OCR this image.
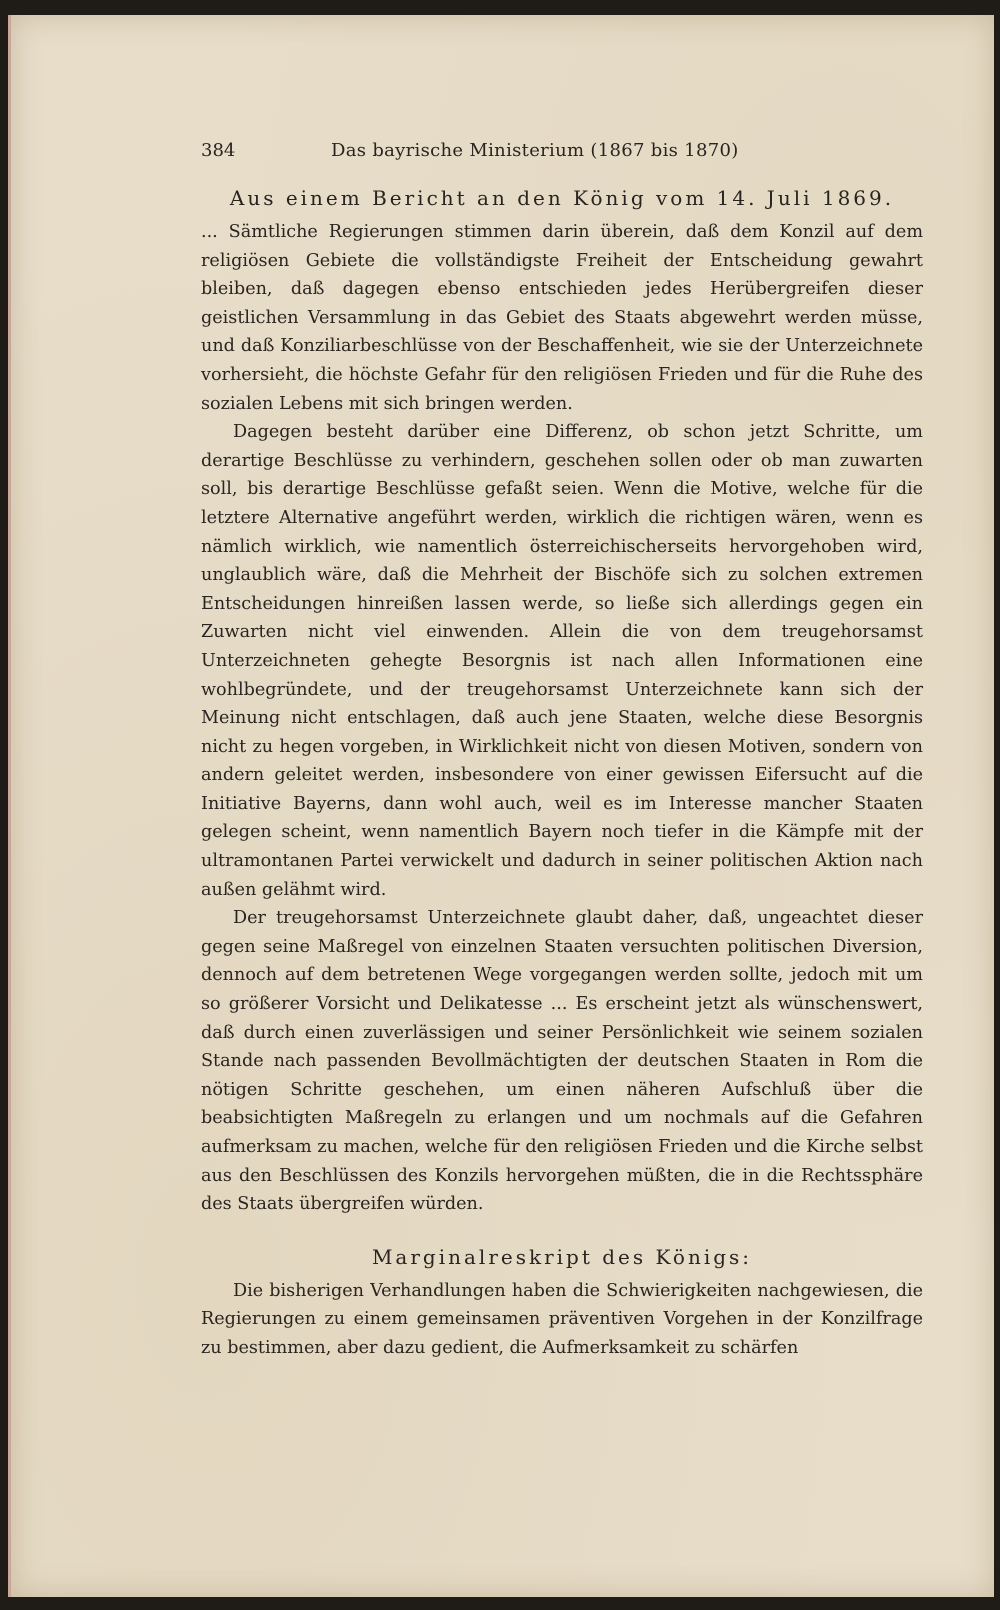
384	Das bayrische Ministerium (1867 bis 1870)
Aus einem Bericht an den König vom 14. Juli 1869.

... Sämtliche Regierungen stimmen darin überein, daß dem Konzil auf dem religiösen Gebiete die vollständigste Freiheit der Entscheidung gewahrt bleiben, daß dagegen ebenso entschieden jedes Herübergreifen dieser geistlichen Versammlung in das Gebiet des Staats abgewehrt werden müsse, und daß Konziliarbeschlüsse von der Beschaffenheit, wie sie der Unterzeichnete vorhersieht, die höchste Gefahr für den religiösen Frieden und für die Ruhe des sozialen Lebens mit sich bringen werden.

Dagegen besteht darüber eine Differenz, ob schon jetzt Schritte, um derartige Beschlüsse zu verhindern, geschehen sollen oder ob man zuwarten soll, bis derartige Beschlüsse gefaßt seien. Wenn die Motive, welche für die letztere Alternative angeführt werden, wirklich die richtigen wären, wenn es nämlich wirklich, wie namentlich österreichischerseits hervorgehoben wird, unglaublich wäre, daß die Mehrheit der Bischöfe sich zu solchen extremen Entscheidungen hinreißen lassen werde, so ließe sich allerdings gegen ein Zuwarten nicht viel einwenden. Allein die von dem treugehorsamst Unterzeichneten gehegte Besorgnis ist nach allen Informationen eine wohlbegründete, und der treugehorsamst Unterzeichnete kann sich der Meinung nicht entschlagen, daß auch jene Staaten, welche diese Besorgnis nicht zu hegen vorgeben, in Wirklichkeit nicht von diesen Motiven, sondern von andern geleitet werden, insbesondere von einer gewissen Eifersucht auf die Initiative Bayerns, dann wohl auch, weil es im Interesse mancher Staaten gelegen scheint, wenn namentlich Bayern noch tiefer in die Kämpfe mit der ultramontanen Partei verwickelt und dadurch in seiner politischen Aktion nach außen gelähmt wird.

Der treugehorsamst Unterzeichnete glaubt daher, daß, ungeachtet dieser gegen seine Maßregel von einzelnen Staaten versuchten politischen Diversion, dennoch auf dem betretenen Wege vorgegangen werden sollte, jedoch mit um so größerer Vorsicht und Delikatesse ... Es erscheint jetzt als wünschenswert, daß durch einen zuverlässigen und seiner Persönlichkeit wie seinem sozialen Stande nach passenden Bevollmächtigten der deutschen Staaten in Rom die nötigen Schritte geschehen, um einen näheren Aufschluß über die beabsichtigten Maßregeln zu erlangen und um nochmals auf die Gefahren aufmerksam zu machen, welche für den religiösen Frieden und die Kirche selbst aus den Beschlüssen des Konzils hervorgehen müßten, die in die Rechtssphäre des Staats übergreifen würden.

Marginalreskript des Königs:

Die bisherigen Verhandlungen haben die Schwierigkeiten nachgewiesen, die Regierungen zu einem gemeinsamen präventiven Vorgehen in der Konzilfrage zu bestimmen, aber dazu gedient, die Aufmerksamkeit zu schärfen
